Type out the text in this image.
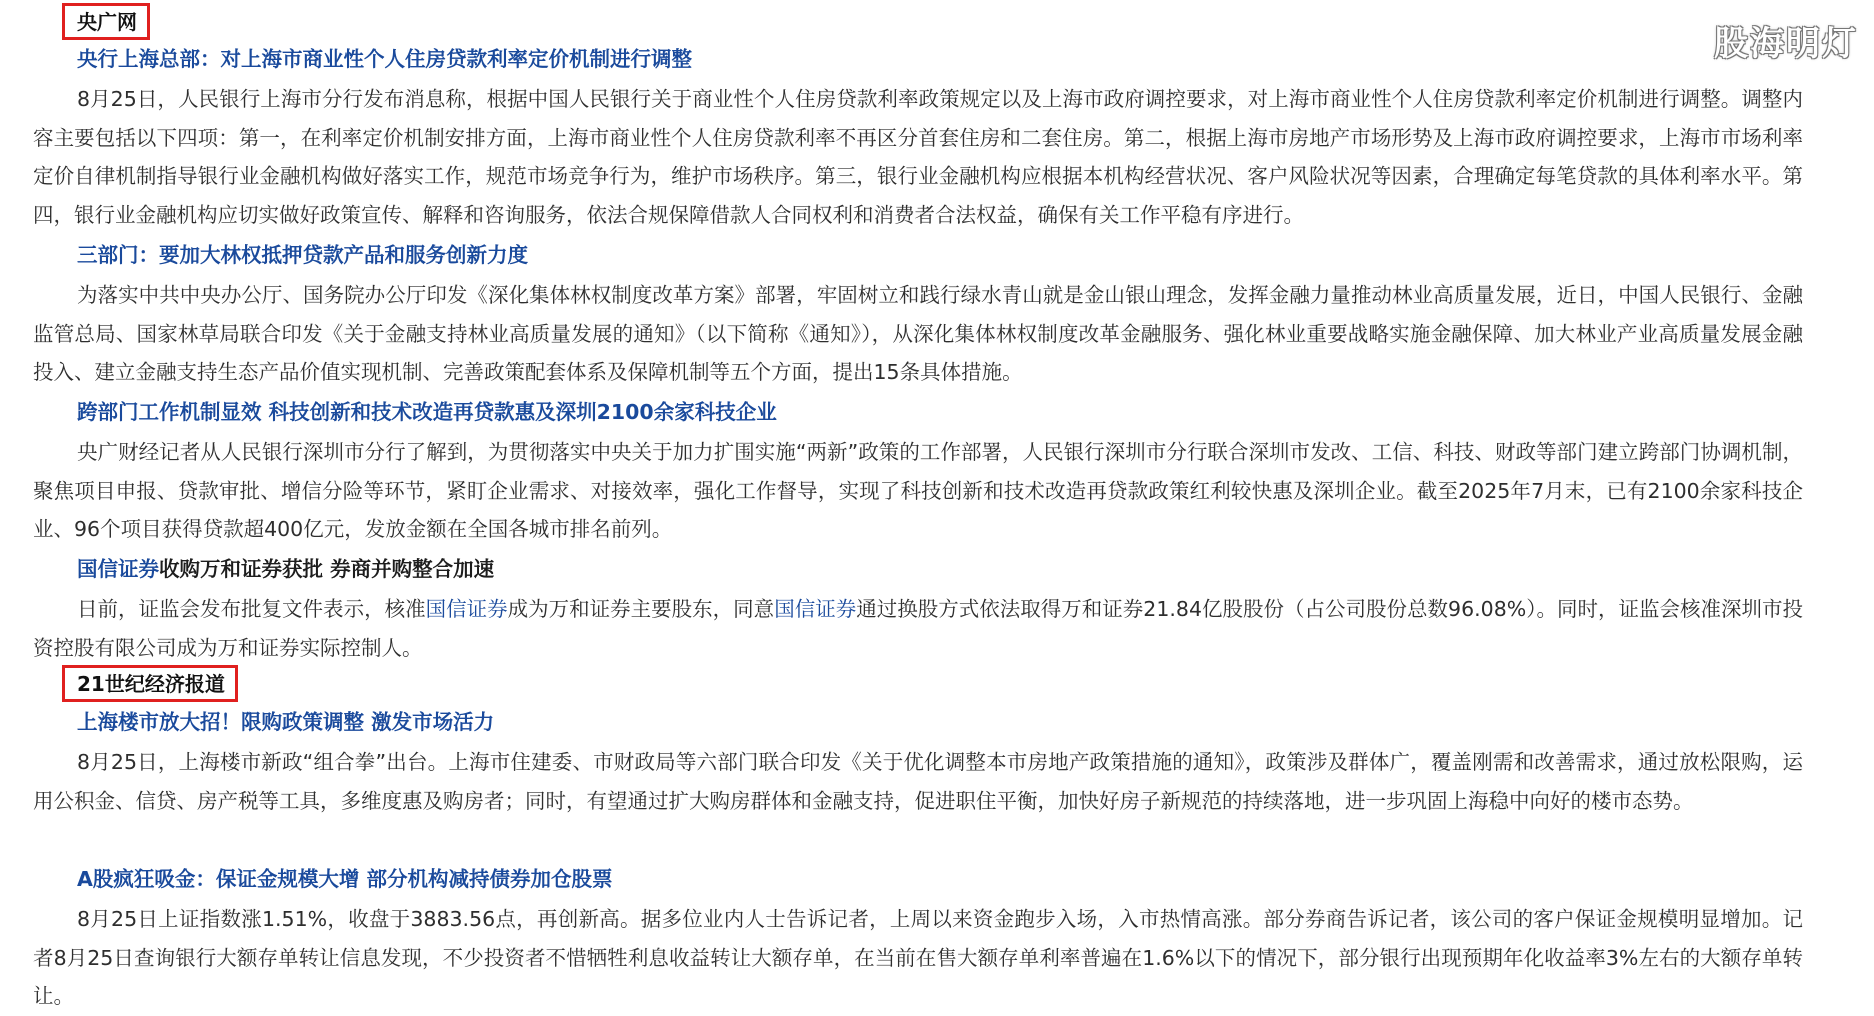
股海明灯
央广网
央行上海总部：对上海市商业性个人住房贷款利率定价机制进行调整

8月25日，人民银行上海市分行发布消息称，根据中国人民银行关于商业性个人住房贷款利率政策规定以及上海市政府调控要求，对上海市商业性个人住房贷款利率定价机制进行调整。调整内容主要包括以下四项：第一，在利率定价机制安排方面，上海市商业性个人住房贷款利率不再区分首套住房和二套住房。第二，根据上海市房地产市场形势及上海市政府调控要求，上海市市场利率定价自律机制指导银行业金融机构做好落实工作，规范市场竞争行为，维护市场秩序。第三，银行业金融机构应根据本机构经营状况、客户风险状况等因素，合理确定每笔贷款的具体利率水平。第四，银行业金融机构应切实做好政策宣传、解释和咨询服务，依法合规保障借款人合同权利和消费者合法权益，确保有关工作平稳有序进行。

三部门：要加大林权抵押贷款产品和服务创新力度

为落实中共中央办公厅、国务院办公厅印发《深化集体林权制度改革方案》部署，牢固树立和践行绿水青山就是金山银山理念，发挥金融力量推动林业高质量发展，近日，中国人民银行、金融监管总局、国家林草局联合印发《关于金融支持林业高质量发展的通知》（以下简称《通知》），从深化集体林权制度改革金融服务、强化林业重要战略实施金融保障、加大林业产业高质量发展金融投入、建立金融支持生态产品价值实现机制、完善政策配套体系及保障机制等五个方面，提出15条具体措施。

跨部门工作机制显效 科技创新和技术改造再贷款惠及深圳2100余家科技企业

央广财经记者从人民银行深圳市分行了解到，为贯彻落实中央关于加力扩围实施“两新”政策的工作部署，人民银行深圳市分行联合深圳市发改、工信、科技、财政等部门建立跨部门协调机制，聚焦项目申报、贷款审批、增信分险等环节，紧盯企业需求、对接效率，强化工作督导，实现了科技创新和技术改造再贷款政策红利较快惠及深圳企业。截至2025年7月末，已有2100余家科技企业、96个项目获得贷款超400亿元，发放金额在全国各城市排名前列。

国信证券收购万和证券获批 券商并购整合加速

日前，证监会发布批复文件表示，核准国信证券成为万和证券主要股东，同意国信证券通过换股方式依法取得万和证券21.84亿股股份（占公司股份总数96.08%）。同时，证监会核准深圳市投资控股有限公司成为万和证券实际控制人。

21世纪经济报道
上海楼市放大招！限购政策调整 激发市场活力

8月25日，上海楼市新政“组合拳”出台。上海市住建委、市财政局等六部门联合印发《关于优化调整本市房地产政策措施的通知》，政策涉及群体广，覆盖刚需和改善需求，通过放松限购，运用公积金、信贷、房产税等工具，多维度惠及购房者；同时，有望通过扩大购房群体和金融支持，促进职住平衡，加快好房子新规范的持续落地，进一步巩固上海稳中向好的楼市态势。

A股疯狂吸金：保证金规模大增 部分机构减持债券加仓股票

8月25日上证指数涨1.51%，收盘于3883.56点，再创新高。据多位业内人士告诉记者，上周以来资金跑步入场，入市热情高涨。部分券商告诉记者，该公司的客户保证金规模明显增加。记者8月25日查询银行大额存单转让信息发现，不少投资者不惜牺牲利息收益转让大额存单，在当前在售大额存单利率普遍在1.6%以下的情况下，部分银行出现预期年化收益率3%左右的大额存单转让。
